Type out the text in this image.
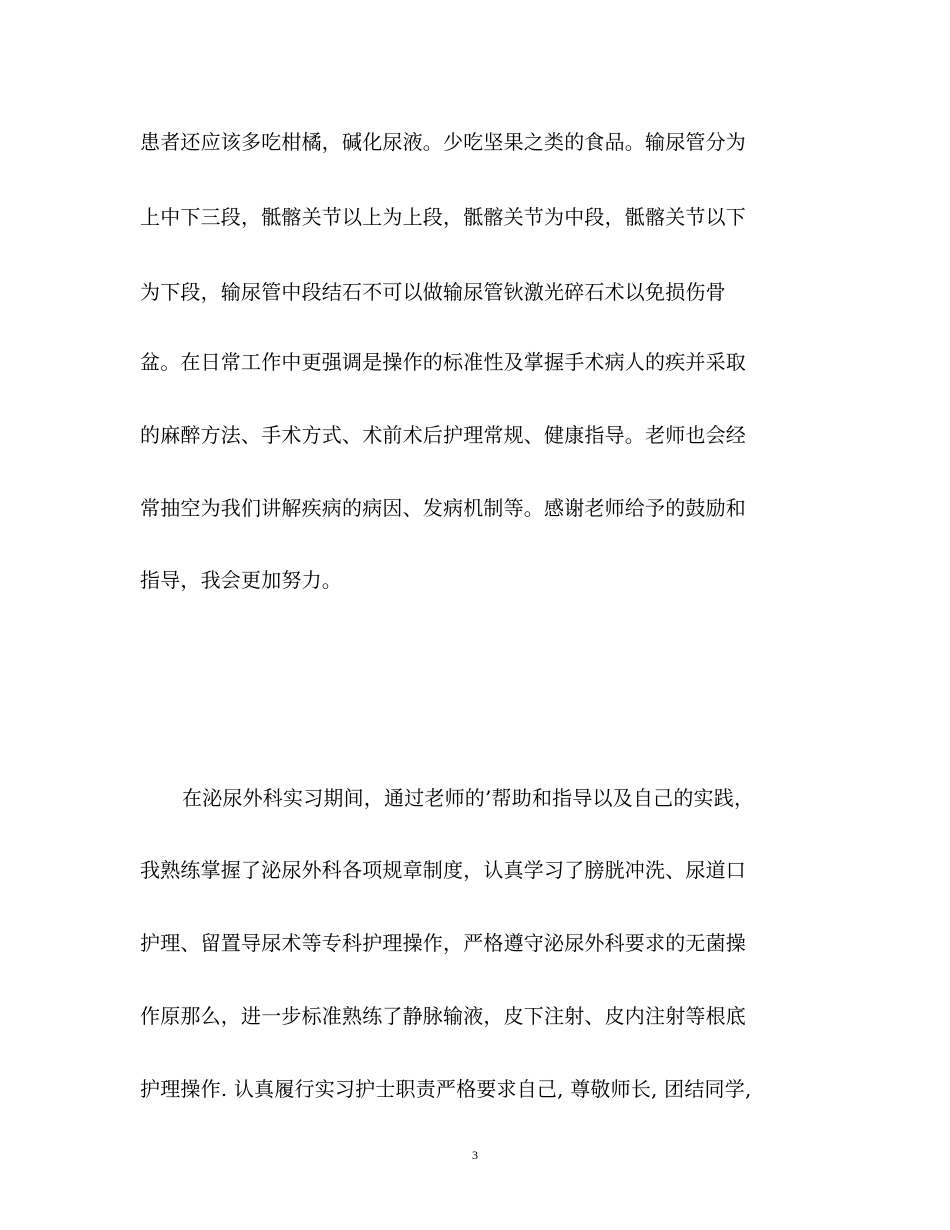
患者还应该多吃柑橘，碱化尿液。少吃坚果之类的食品。输尿管分为
上中下三段，骶髂关节以上为上段，骶髂关节为中段，骶髂关节以下
为下段，输尿管中段结石不可以做输尿管钬激光碎石术以免损伤骨
盆。在日常工作中更强调是操作的标准性及掌握手术病人的疾并采取
的麻醉方法、手术方式、术前术后护理常规、健康指导。老师也会经
常抽空为我们讲解疾病的病因、发病机制等。感谢老师给予的鼓励和
指导，我会更加努力。
在泌尿外科实习期间，通过老师的’帮助和指导以及自己的实践，
我熟练掌握了泌尿外科各项规章制度，认真学习了膀胱冲洗、尿道口
护理、留置导尿术等专科护理操作，严格遵守泌尿外科要求的无菌操
作原那么，进一步标准熟练了静脉输液，皮下注射、皮内注射等根底
护理操作. 认真履行实习护士职责严格要求自己, 尊敬师长, 团结同学,
3
